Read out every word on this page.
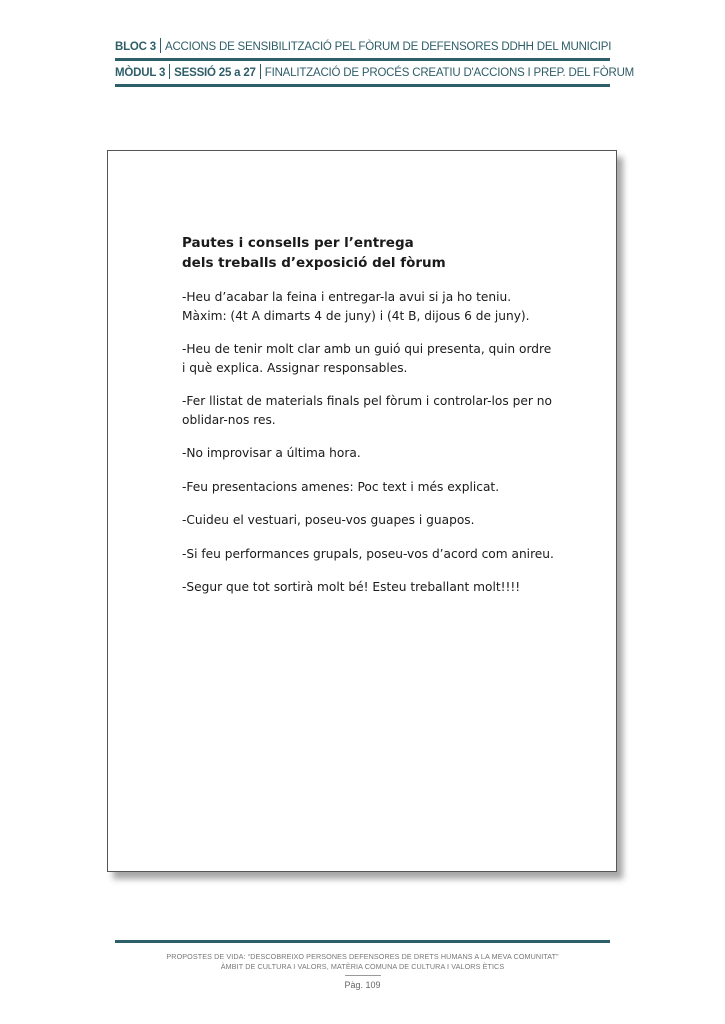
BLOC 3 ACCIONS DE SENSIBILITZACIÓ PEL FÒRUM DE DEFENSORES DDHH DEL MUNICIPI
MÒDUL 3 SESSIÓ 25 a 27 FINALITZACIÓ DE PROCÉS CREATIU D'ACCIONS I PREP. DEL FÒRUM
Pautes i consells per l’entrega
dels treballs d’exposició del fòrum
-Heu d’acabar la feina i entregar-la avui si ja ho teniu.
Màxim: (4t A dimarts 4 de juny) i (4t B, dijous 6 de juny).
-Heu de tenir molt clar amb un guió qui presenta, quin ordre
i què explica. Assignar responsables.
-Fer llistat de materials finals pel fòrum i controlar-los per no
oblidar-nos res.
-No improvisar a última hora.
-Feu presentacions amenes: Poc text i més explicat.
-Cuideu el vestuari, poseu-vos guapes i guapos.
-Si feu performances grupals, poseu-vos d’acord com anireu.
-Segur que tot sortirà molt bé! Esteu treballant molt!!!!
PROPOSTES DE VIDA: “DESCOBREIXO PERSONES DEFENSORES DE DRETS HUMANS A LA MEVA COMUNITAT”
ÀMBIT DE CULTURA I VALORS, MATÈRIA COMUNA DE CULTURA I VALORS ÈTICS
Pàg. 109
